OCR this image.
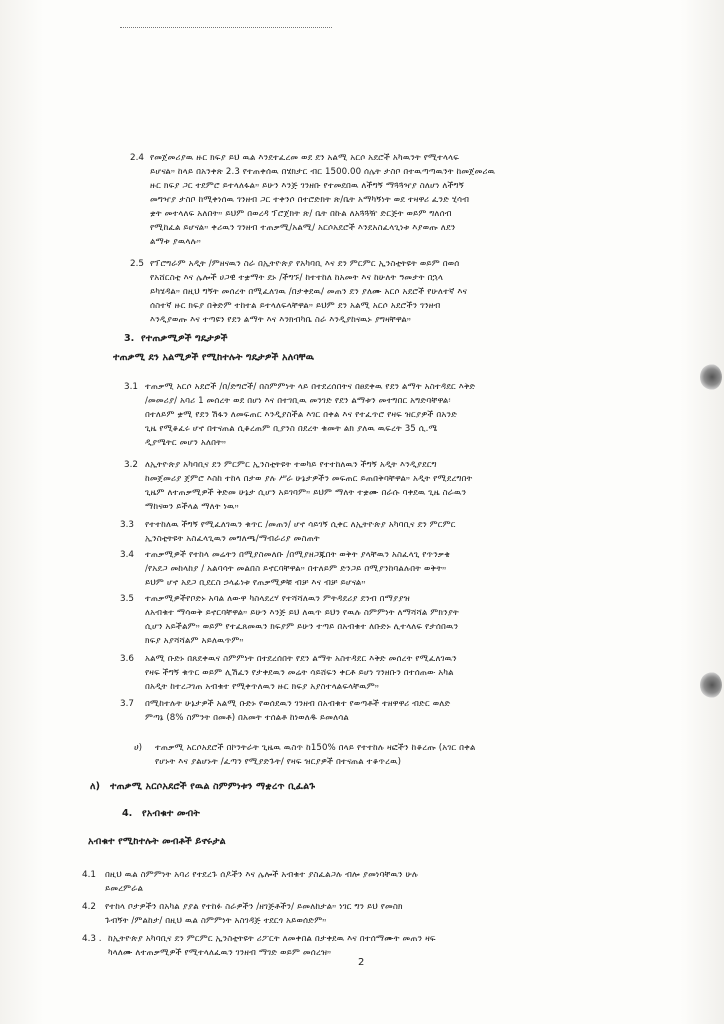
2.4 የመጀመሪያዉ ዙር ክፍያ ይህ ዉል እንደተፈረመ ወደ ደን አልሚ አርሶ አደሮች አካዉንት የሚተላላፍ

ይሆናል። ከላይ በአንቀጽ 2.3 የተጠቀሰዉ በሄክታር ብር 1500.00 ሰሌት ታስቦ በተዉጣጣዉንት ከመጀመሪዉ

ዙር ክፍያ ጋር ተደምሮ ይተላለፋል። ይሁን እንጅ ገንዘቡ የተመደበዉ ለችግኝ ማጓጓዣያ ስለሆነ ለችግኝ

መግዣያ ታስቦ ከሚቀነሰዉ ገንዘብ ጋር ተቀንሶ በተሮድክት ጽ/ቤት አማካኝነት ወደ ተዛዋሪ ፈንድ ሂሳብ

ቋት መተላለፍ አለበት። ይህም በወረዳ ፕሮጀክት ጽ/ ቤት በኩል ለአጓጓዥ ድርጅት ወይም ግለሰብ

የሚከፈል ይሆናል። ቀሪዉን ገንዘብ ተጠቃሚ/አልሚ/ አርሶአደሮች እንደአስፈላጊነቱ እያወጡ ለደን

ልማቱ ያዉላሉ።

2.5 የፕሮግራም አዲት /ምዘናዉን ስራ በኢትዮጵያ የአካባቢ እና ደን ምርምር ኢንስቲትዩት ወይም በወሰ

የአሸርስቲ እና ሌሎች ሀጋዊ ተቋማት ደኑ /ችግኙ/ ከተተከለ ከአመት እና ከሁለት ዓመታት በኋላ

ይካሄዳል። በዚህ ግኝት መሰረት በሚፈለገዉ /በታቀደዉ/ መጠን ደን ያለሙ አርሶ አደሮች የሁለተኛ እና

ሰስተኛ ዙር ክፍያ በቅድም ተከተል ይተላለፍላቸዋል። ይህም ደን አልሚ አርሶ አደሮችን ገንዘብ

እንዲያወጡ እና ተጣዩን የደን ልማት እና እንክብካቤ ስራ እንዲያከናዉኑ ያግዛቸዋል።

3. የተጠቃሚዎች ግዴታዎች

ተጠቃሚ ደን አልሚዎች የሚከተሉት ግዴታዎች አለባቸዉ

3.1 ተጠቃሚ አርሶ አደሮች /በ/ድግሮች/ በስምምነት ላይ በተደረሰበትና በፀደቀዉ የደን ልማት አስተዳደር እቅድ

/መመሪያ/ አባሪ 1 መሰረት ወደ በሆነ እና በተገቢዉ መንገድ የደን ልማቱን መተግበር አግድባቸዋል፡

በተለይም ቋሚ የደን ሽፋን ለመፍጠር እንዲያስችል እገር በቀል እና የተፈጥሮ የዛፍ ዝርያዎች በአንድ

ጊዜ የሚቆፈሩ ሆኖ በተናጠል ሲቆረጠም ቢያንስ በደረት ቁመት ልክ ያለዉ ዉፍረት 35 ሲ.ሜ

ዲያሜትር መሆን አለበት።

3.2 ለኢትዮጵያ አካባቢና ደን ምርምር ኢንስቲትዩት ተወካይ የተተከለዉን ችግኝ አዲት እንዲያደርግ

ከመጀመሪያ ጀምሮ እስከ ተከላ በታወ ያሉ ሥራ ሁኔታዎችን መፍጠር ይጠበቅባቸዋል። አዲት የሚደረግበት

ጊዜም ለተጠቃሚዎች ቅድመ ሁኔታ ሲሆን አይገባም። ይህም ማለት ተቋሙ በራሱ ባቀደዉ ጊዜ ስራዉን

ማከናወን ይችላል ማለት ነዉ።

3.3 የተተከለዉ ችግኝ የሚፈለገዉን ቁጥር /መጠን/ ሆኖ ሳይገኝ ሲቀር ለኢትዮጵያ አካባቢና ደን ምርምር

ኢንስቲትዩት አስፈላጊዉን መግለጫ/ማብራሪያ መስጠት

3.4 ተጠቃሚዎች የተከላ መሬትን በሚያስመለቡ /በሚያዘጋጁበት ወቅት ያላቸዉን አስፈላጊ የጥንቃቄ

/የአደጋ መከላከያ / አልባሳት መልበስ ይኖርባቸዋል። በተለይም ድንጋይ በሚያንከባልሉበት ወቅት።

ይህም ሆኖ አደጋ ቢደርስ ኃላፊነቱ የጠቃሚዎቹ ብቻ እና ብቻ ይሆናል።

3.5 ተጠቃሚዎችየቦድኑ አባል ለውዋ ካስላደረሃ የተሻሻለዉን ምትዳደሪያ ደንብ በማያያዝ

ለአብቁተ ማሳወቅ ይኖርባቸዋል። ይሁን እንጅ ይህ ለዉጥ ይህን የዉሉ ስምምነት ለማሻሻል ምክንያት

ሲሆን አይችልም። ወይም የተፈጸመዉን ክፍያም ይሁን ተጣይ በአብቁተ ለቡድኑ ሊተላለፍ የታሰበዉን

ክፍያ አያሻሻልም አይለዉጥም።

3.6 አልሚ ቡድኑ በጸደቀዉና ስምምነት በተደረሰበት የደን ልማት አስተዳደር እቅድ መሰረት የሚፈለገዉን

የዛፍ ችግኝ ቁጥር ወይም ሊሽፈን የታቀደዉን መሬት ሳይሸፍን ቀርቶ ይሆነ ገንዘቡን በተሰጠው አካል

በአዲት ከተረጋገጠ አብቁተ የሚቀጥለዉን ዙር ክፍያ አያስተላልፍላቸዉም።

3.7 በሚከተሉት ሁኔታዎች አልሚ ቡድኑ የወሰደዉን ገንዘብ በአብቁተ የወጣቶች ተዘዋዋሪ ብድር ወለድ

ምጣኔ (8% ስምንት በመቶ) በአመት ተሰልቶ ከነወለዱ ይመለሳል

ሀ) ተጠቃሚ አርሶአደሮች በኮንትራት ጊዜዉ ዉስጥ ከ150% በላይ የተተከሉ ዛፎችን ከቆረጡ (አገር በቀል

የሆኑት እና ያልሆኑት /ፈጣን የሚያድጉት/ የዛፍ ዝርያዎች በተናጠል ተቆጥረዉ)

ለ) ተጠቃሚ አርሶአደሮች የዉል ስምምነቱን ማቋረጥ ቢፈልጉ

4. የአብቁተ መብት

አብቁተ የሚከተሉት መብቶች ይኖሩታል

4.1 በዚህ ዉል ስምምነት አባሪ የተደረጉ ሰዶችን እና ሌሎች አብቁተ ያስፈልጋሉ ብሎ ያመነባቸዉን ሁሉ

ይመረምራል

4.2 የተከላ ቦታዎችን በአካል ያያል የተከፉ ስራዎችን /ዘገጅቶችን/ ይመለከታል። ነገር ግን ይህ የመስክ

ጉብኝት /ምልከታ/ በዚህ ዉል ስምምነት አስገዳጅ ተደርጎ አይወሰድም።

4.3 . ከኢትዮጵያ አካባቢና ደን ምርምር ኢንስቲትዩት ሪፖርት ለመቀበል በታቀደዉ እና በተሰማሙት መጠን ዛፍ

ካላለሙ ለተጠቃሚዎች የሚተላለፈዉን ገንዘብ ማገድ ወይም መሰረዝ።

2
